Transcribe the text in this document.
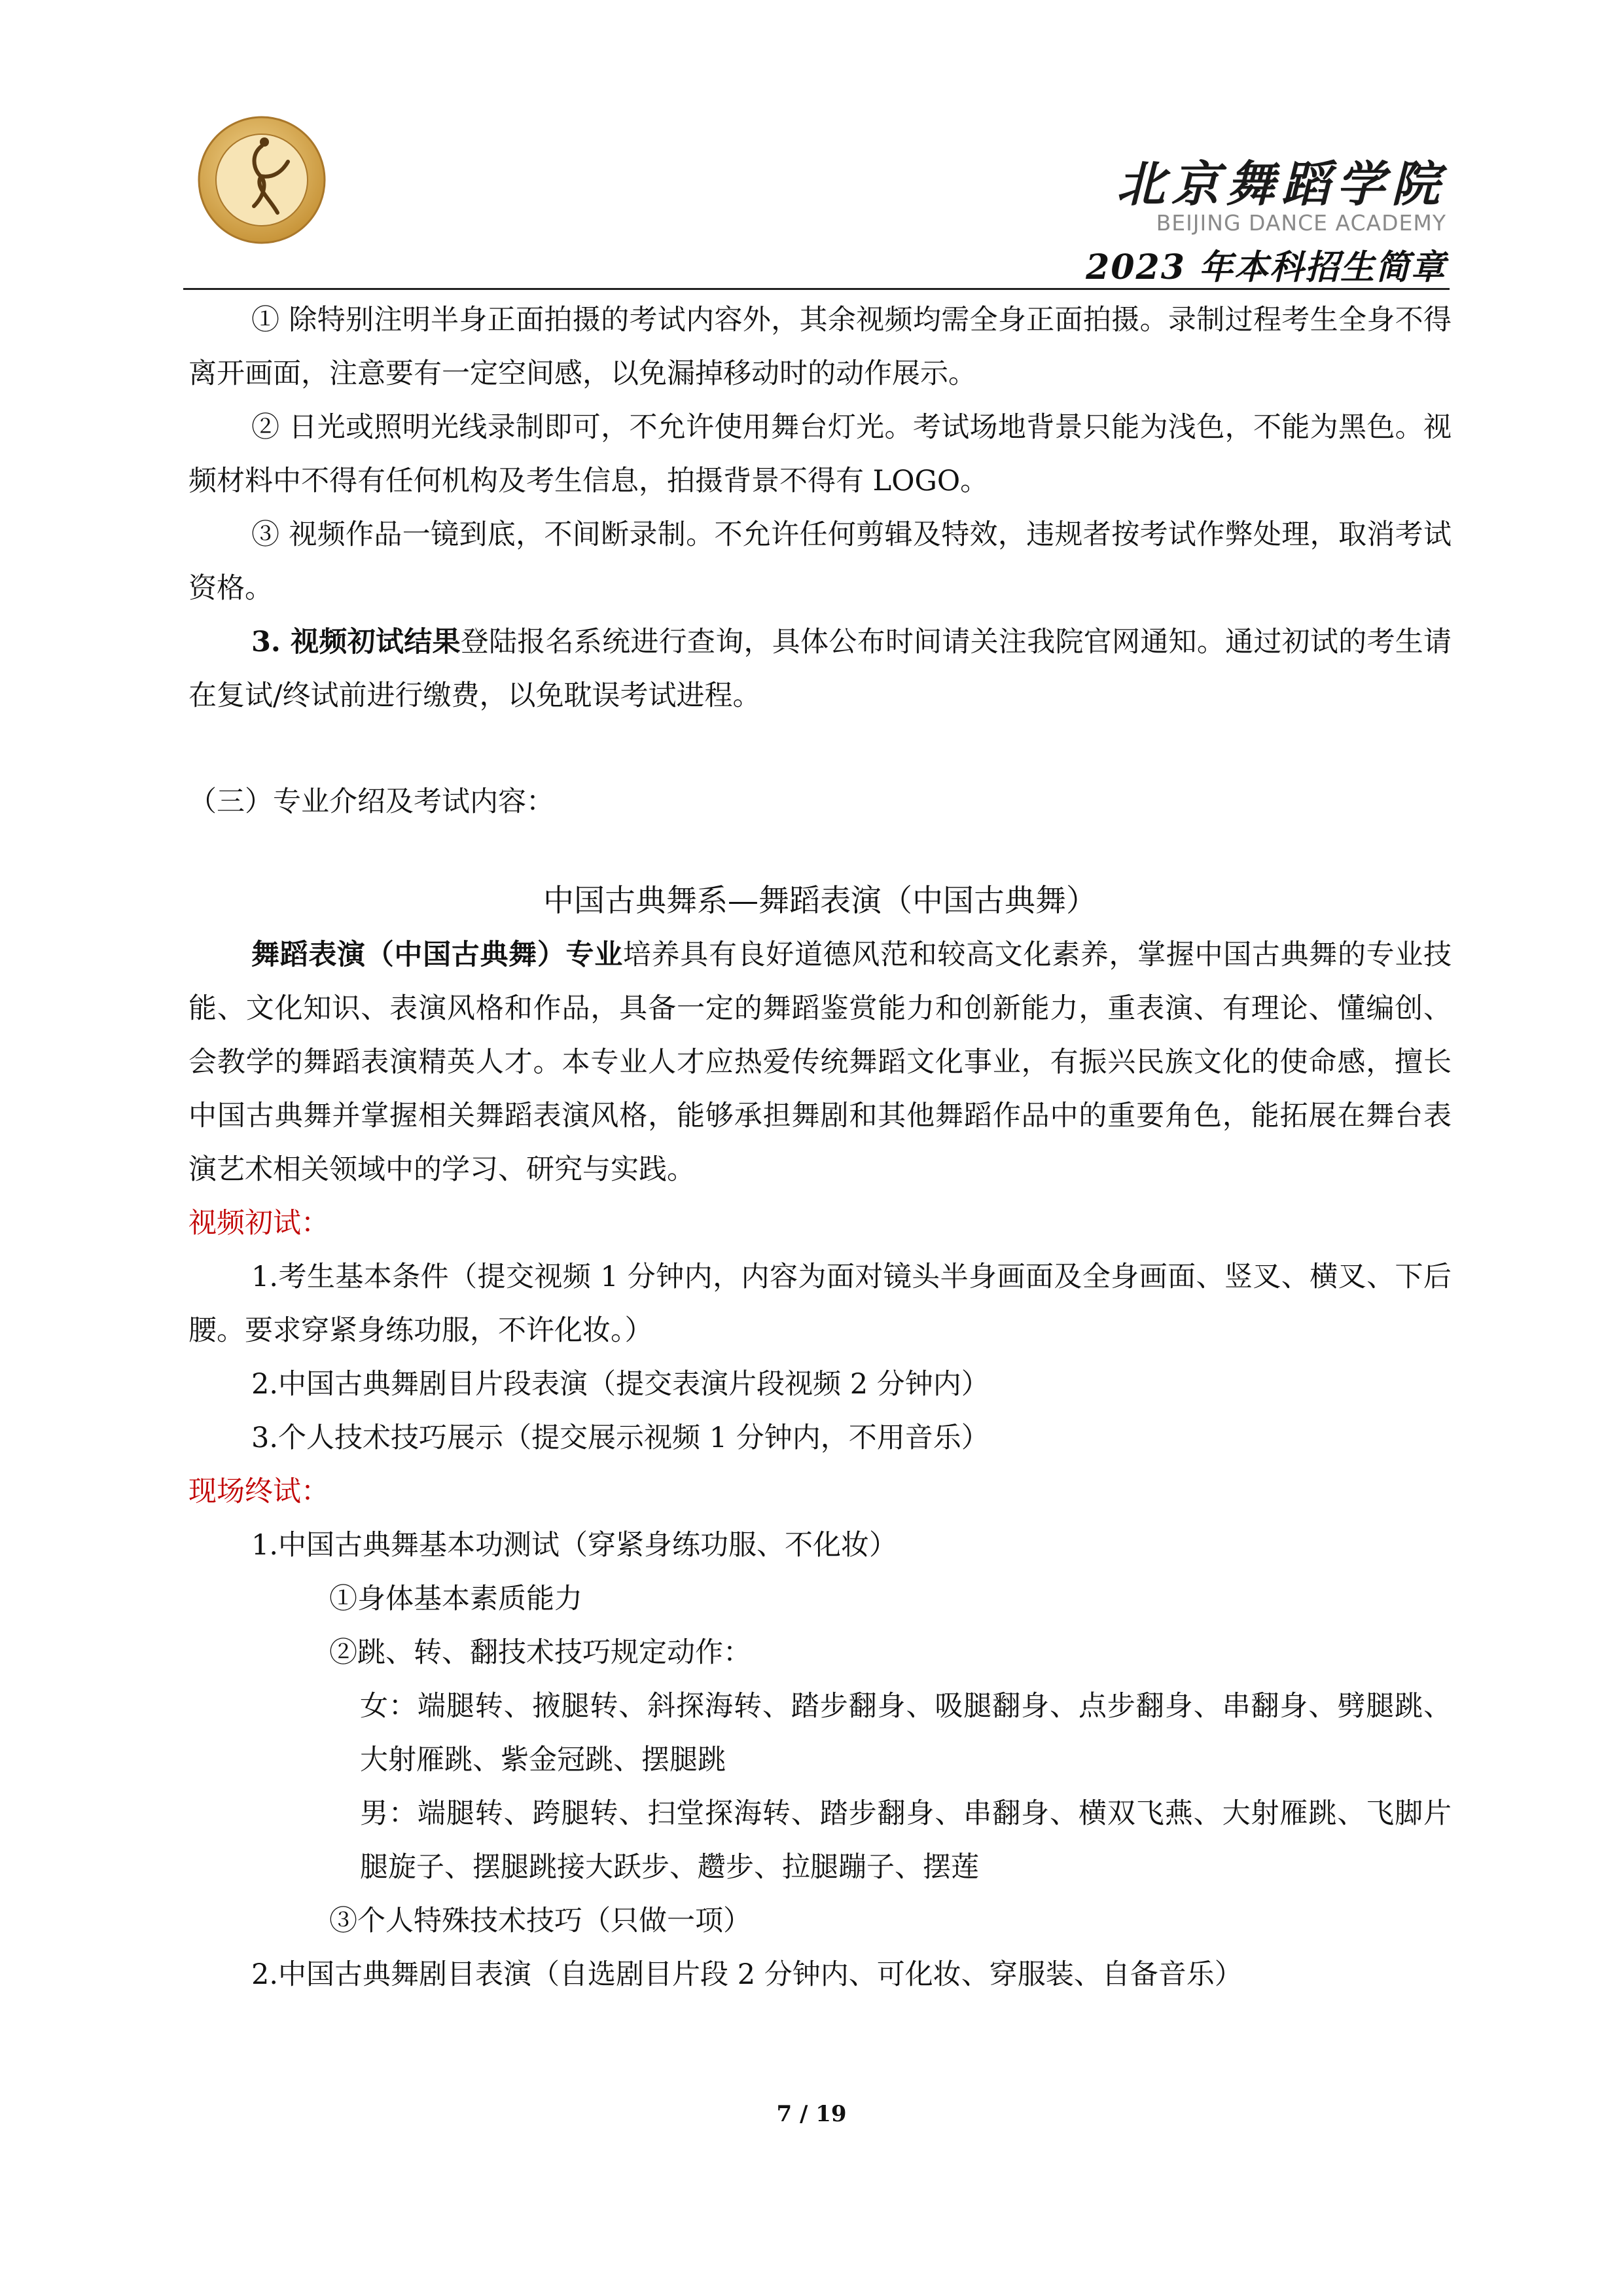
北京舞蹈学院
BEIJING DANCE ACADEMY
2023 年本科招生简章

① 除特别注明半身正面拍摄的考试内容外，其余视频均需全身正面拍摄。录制过程考生全身不得离开画面，注意要有一定空间感，以免漏掉移动时的动作展示。

② 日光或照明光线录制即可，不允许使用舞台灯光。考试场地背景只能为浅色，不能为黑色。视频材料中不得有任何机构及考生信息，拍摄背景不得有 LOGO。

③ 视频作品一镜到底，不间断录制。不允许任何剪辑及特效，违规者按考试作弊处理，取消考试资格。

3. 视频初试结果登陆报名系统进行查询，具体公布时间请关注我院官网通知。通过初试的考生请在复试/终试前进行缴费，以免耽误考试进程。

（三）专业介绍及考试内容：

中国古典舞系—舞蹈表演（中国古典舞）

舞蹈表演（中国古典舞）专业培养具有良好道德风范和较高文化素养，掌握中国古典舞的专业技能、文化知识、表演风格和作品，具备一定的舞蹈鉴赏能力和创新能力，重表演、有理论、懂编创、会教学的舞蹈表演精英人才。本专业人才应热爱传统舞蹈文化事业，有振兴民族文化的使命感，擅长中国古典舞并掌握相关舞蹈表演风格，能够承担舞剧和其他舞蹈作品中的重要角色，能拓展在舞台表演艺术相关领域中的学习、研究与实践。

视频初试：

1.考生基本条件（提交视频 1 分钟内，内容为面对镜头半身画面及全身画面、竖叉、横叉、下后腰。要求穿紧身练功服，不许化妆。）

2.中国古典舞剧目片段表演（提交表演片段视频 2 分钟内）

3.个人技术技巧展示（提交展示视频 1 分钟内，不用音乐）

现场终试：

1.中国古典舞基本功测试（穿紧身练功服、不化妆）

①身体基本素质能力

②跳、转、翻技术技巧规定动作：

女：端腿转、掖腿转、斜探海转、踏步翻身、吸腿翻身、点步翻身、串翻身、劈腿跳、大射雁跳、紫金冠跳、摆腿跳

男：端腿转、跨腿转、扫堂探海转、踏步翻身、串翻身、横双飞燕、大射雁跳、飞脚片腿旋子、摆腿跳接大跃步、趱步、拉腿蹦子、摆莲

③个人特殊技术技巧（只做一项）

2.中国古典舞剧目表演（自选剧目片段 2 分钟内、可化妆、穿服装、自备音乐）

7 / 19
